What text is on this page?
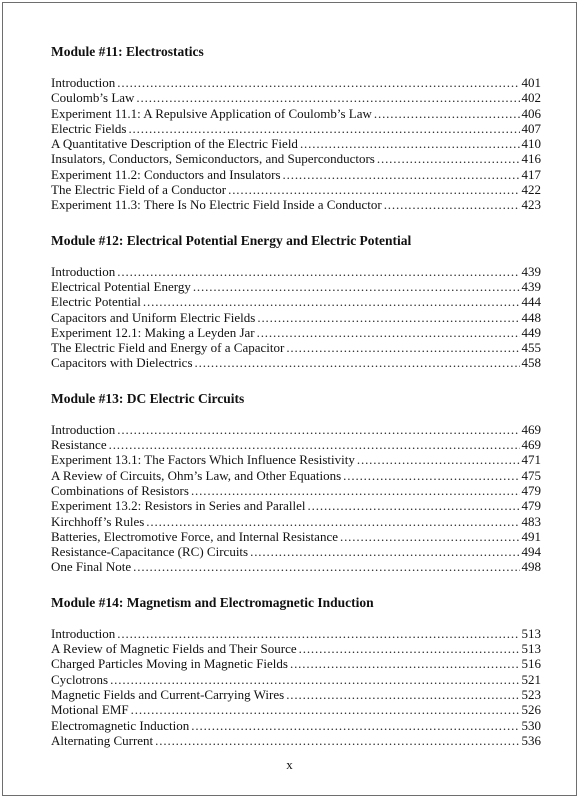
Module #11: Electrostatics
Introduction . . .	401
Coulomb’s Law . . .	402
Experiment 11.1: A Repulsive Application of Coulomb’s Law . . .	406
Electric Fields . . .	407
A Quantitative Description of the Electric Field . . .	410
Insulators, Conductors, Semiconductors, and Superconductors . . .	416
Experiment 11.2: Conductors and Insulators . . .	417
The Electric Field of a Conductor . . .	422
Experiment 11.3: There Is No Electric Field Inside a Conductor . . .	423
Module #12: Electrical Potential Energy and Electric Potential
Introduction . . .	439
Electrical Potential Energy . . .	439
Electric Potential . . .	444
Capacitors and Uniform Electric Fields . . .	448
Experiment 12.1: Making a Leyden Jar . . .	449
The Electric Field and Energy of a Capacitor . . .	455
Capacitors with Dielectrics . . .	458
Module #13: DC Electric Circuits
Introduction . . .	469
Resistance . . .	469
Experiment 13.1: The Factors Which Influence Resistivity . . .	471
A Review of Circuits, Ohm’s Law, and Other Equations . . .	475
Combinations of Resistors . . .	479
Experiment 13.2: Resistors in Series and Parallel . . .	479
Kirchhoff’s Rules . . .	483
Batteries, Electromotive Force, and Internal Resistance . . .	491
Resistance-Capacitance (RC) Circuits . . .	494
One Final Note . . .	498
Module #14: Magnetism and Electromagnetic Induction
Introduction . . .	513
A Review of Magnetic Fields and Their Source . . .	513
Charged Particles Moving in Magnetic Fields . . .	516
Cyclotrons . . .	521
Magnetic Fields and Current-Carrying Wires . . .	523
Motional EMF . . .	526
Electromagnetic Induction . . .	530
Alternating Current . . .	536
x
